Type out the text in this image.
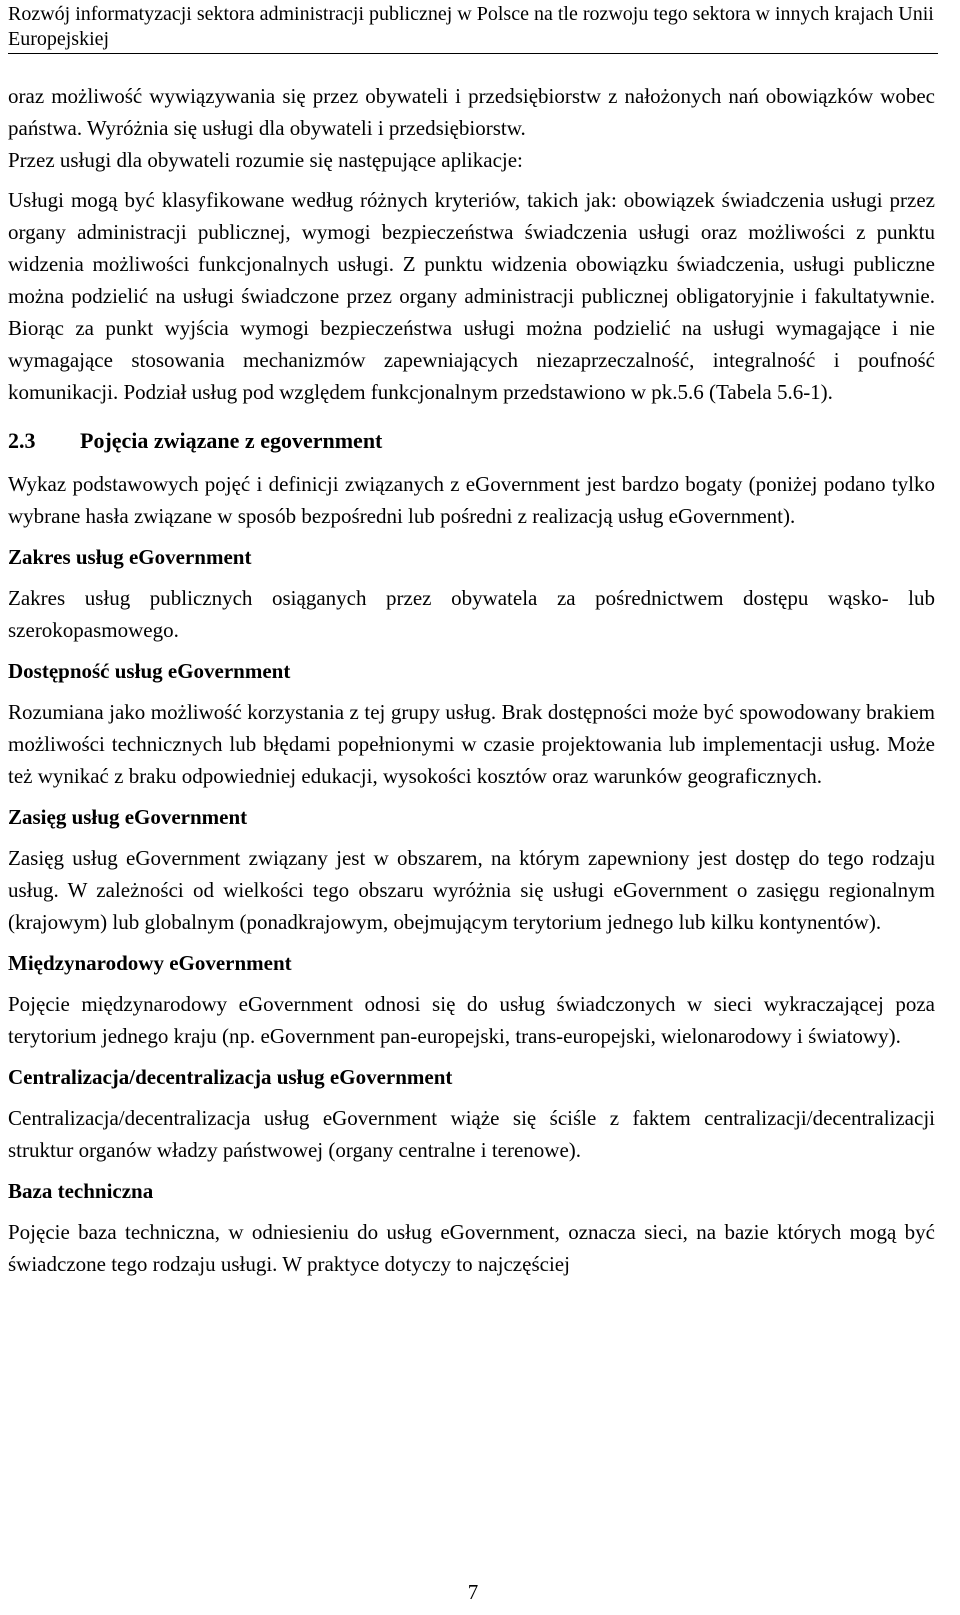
Rozwój informatyzacji sektora administracji publicznej w Polsce na tle rozwoju tego sektora w innych krajach Unii Europejskiej

oraz możliwość wywiązywania się przez obywateli i przedsiębiorstw z nałożonych nań obowiązków wobec państwa. Wyróżnia się usługi dla obywateli i przedsiębiorstw.

Przez usługi dla obywateli rozumie się następujące aplikacje:

Usługi mogą być klasyfikowane według różnych kryteriów, takich jak: obowiązek świadczenia usługi przez organy administracji publicznej, wymogi bezpieczeństwa świadczenia usługi oraz możliwości z punktu widzenia możliwości funkcjonalnych usługi. Z punktu widzenia obowiązku świadczenia, usługi publiczne można podzielić na usługi świadczone przez organy administracji publicznej obligatoryjnie i fakultatywnie. Biorąc za punkt wyjścia wymogi bezpieczeństwa usługi można podzielić na usługi wymagające i nie wymagające stosowania mechanizmów zapewniających niezaprzeczalność, integralność i poufność komunikacji. Podział usług pod względem funkcjonalnym przedstawiono w pk.5.6 (Tabela 5.6-1).

2.3 Pojęcia związane z egovernment

Wykaz podstawowych pojęć i definicji związanych z eGovernment jest bardzo bogaty (poniżej podano tylko wybrane hasła związane w sposób bezpośredni lub pośredni z realizacją usług eGovernment).

Zakres usług eGovernment

Zakres usług publicznych osiąganych przez obywatela za pośrednictwem dostępu wąsko- lub szerokopasmowego.

Dostępność usług eGovernment

Rozumiana jako możliwość korzystania z tej grupy usług. Brak dostępności może być spowodowany brakiem możliwości technicznych lub błędami popełnionymi w czasie projektowania lub implementacji usług. Może też wynikać z braku odpowiedniej edukacji, wysokości kosztów oraz warunków geograficznych.

Zasięg usług eGovernment

Zasięg usług eGovernment związany jest w obszarem, na którym zapewniony jest dostęp do tego rodzaju usług. W zależności od wielkości tego obszaru wyróżnia się usługi eGovernment o zasięgu regionalnym (krajowym) lub globalnym (ponadkrajowym, obejmującym terytorium jednego lub kilku kontynentów).

Międzynarodowy eGovernment

Pojęcie międzynarodowy eGovernment odnosi się do usług świadczonych w sieci wykraczającej poza terytorium jednego kraju (np. eGovernment pan-europejski, trans-europejski, wielonarodowy i światowy).

Centralizacja/decentralizacja usług eGovernment

Centralizacja/decentralizacja usług eGovernment wiąże się ściśle z faktem centralizacji/decentralizacji struktur organów władzy państwowej (organy centralne i terenowe).

Baza techniczna

Pojęcie baza techniczna, w odniesieniu do usług eGovernment, oznacza sieci, na bazie których mogą być świadczone tego rodzaju usługi. W praktyce dotyczy to najczęściej

7
